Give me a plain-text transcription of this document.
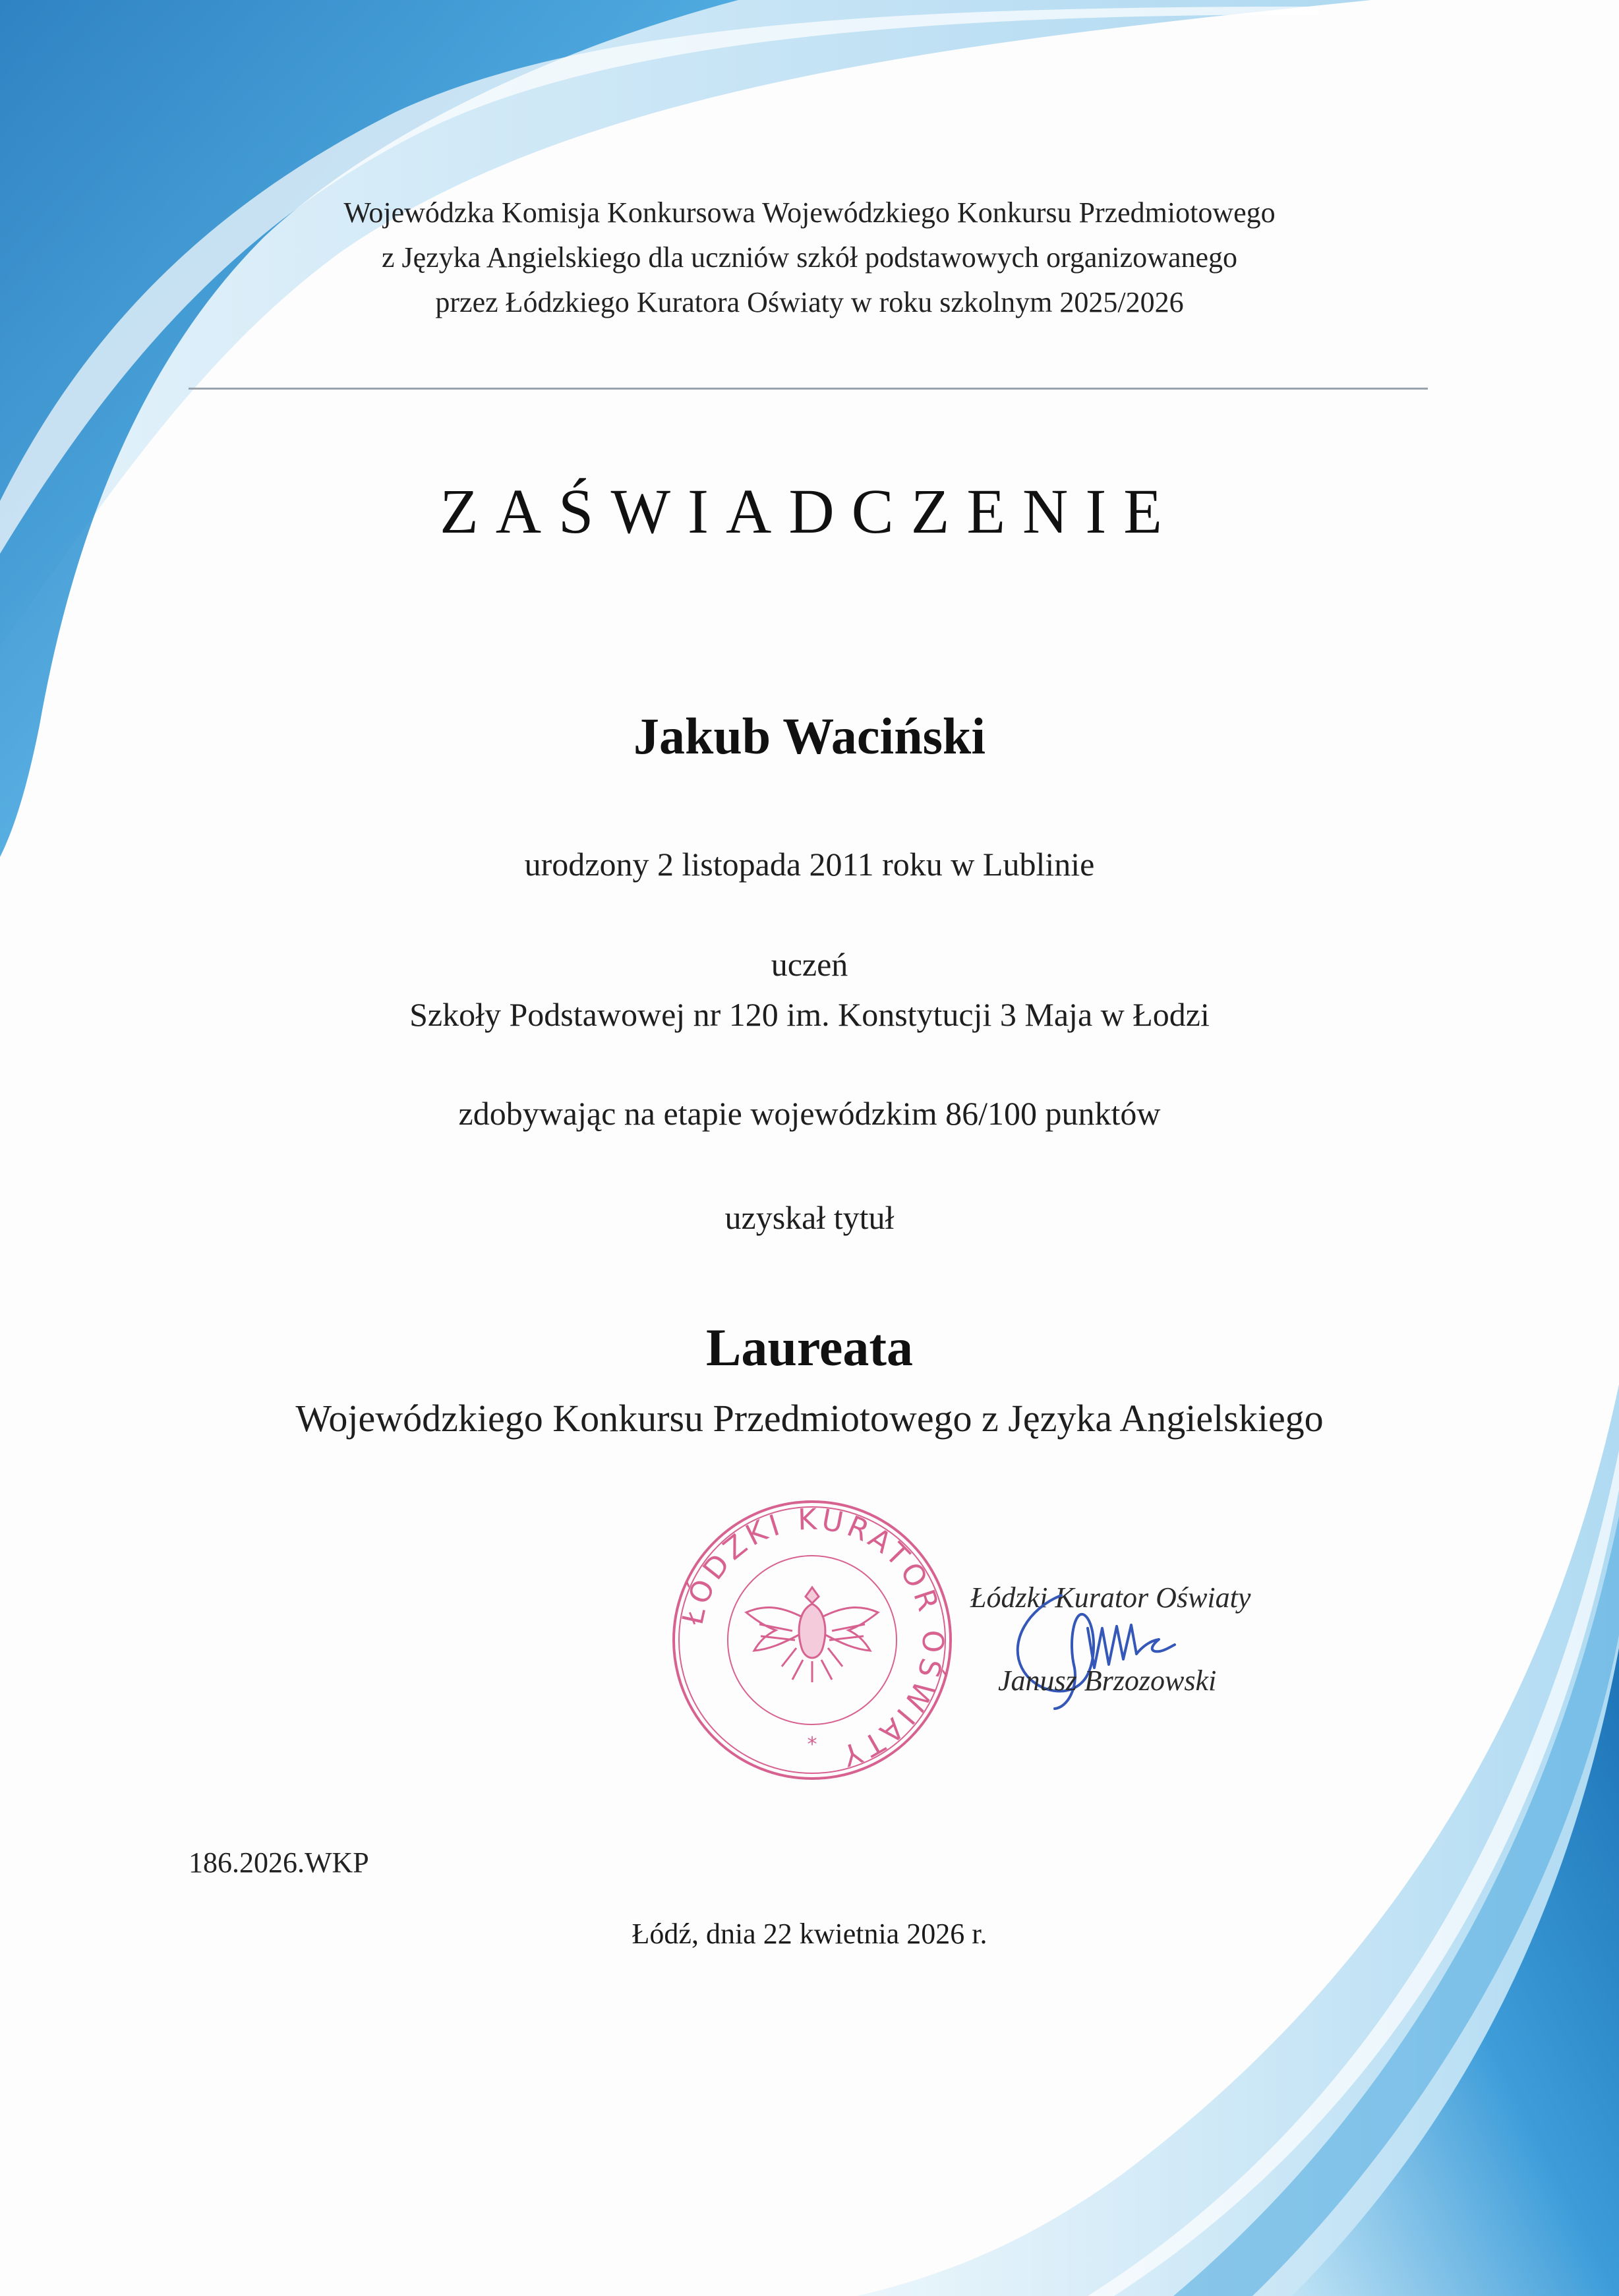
Wojewódzka Komisja Konkursowa Wojewódzkiego Konkursu Przedmiotowego
z Języka Angielskiego dla uczniów szkół podstawowych organizowanego
przez Łódzkiego Kuratora Oświaty w roku szkolnym 2025/2026
ZAŚWIADCZENIE
Jakub Waciński
urodzony 2 listopada 2011 roku w Lublinie
uczeń
Szkoły Podstawowej nr 120 im. Konstytucji 3 Maja w Łodzi
zdobywając na etapie wojewódzkim 86/100 punktów
uzyskał tytuł
Laureata
Wojewódzkiego Konkursu Przedmiotowego z Języka Angielskiego
ŁÓDZKI KURATOR OŚWIATY
*
Łódzki Kurator Oświaty
Janusz Brzozowski
186.2026.WKP
Łódź, dnia 22 kwietnia 2026 r.
